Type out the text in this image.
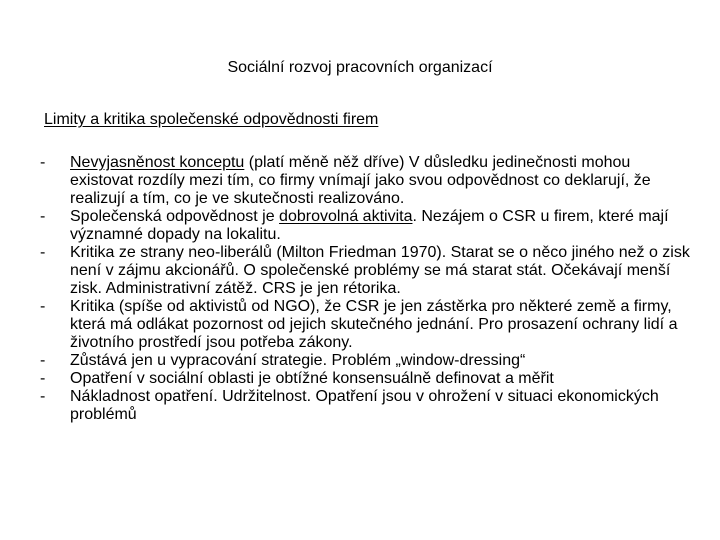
Sociální rozvoj pracovních organizací
Limity a kritika společenské odpovědnosti firem
-	Nevyjasněnost konceptu (platí měně něž dříve) V důsledku jedinečnosti mohou existovat rozdíly mezi tím, co firmy vnímají jako svou odpovědnost co deklarují, že realizují a tím, co je ve skutečnosti realizováno.
-	Společenská odpovědnost je dobrovolná aktivita. Nezájem o CSR u firem, které mají významné dopady na lokalitu.
-	Kritika ze strany neo-liberálů (Milton Friedman 1970). Starat se o něco jiného než o zisk není v zájmu akcionářů. O společenské problémy se má starat stát. Očekávají menší zisk. Administrativní zátěž. CRS je jen rétorika.
-	Kritika (spíše od aktivistů od NGO), že CSR je jen zástěrka pro některé země a firmy, která má odlákat pozornost od jejich skutečného jednání. Pro prosazení ochrany lidí a životního prostředí jsou potřeba zákony.
-	Zůstává jen u vypracování strategie. Problém „window-dressing“
-	Opatření v sociální oblasti je obtížné konsensuálně definovat a měřit
-	Nákladnost opatření. Udržitelnost. Opatření jsou v ohrožení v situaci ekonomických problémů
